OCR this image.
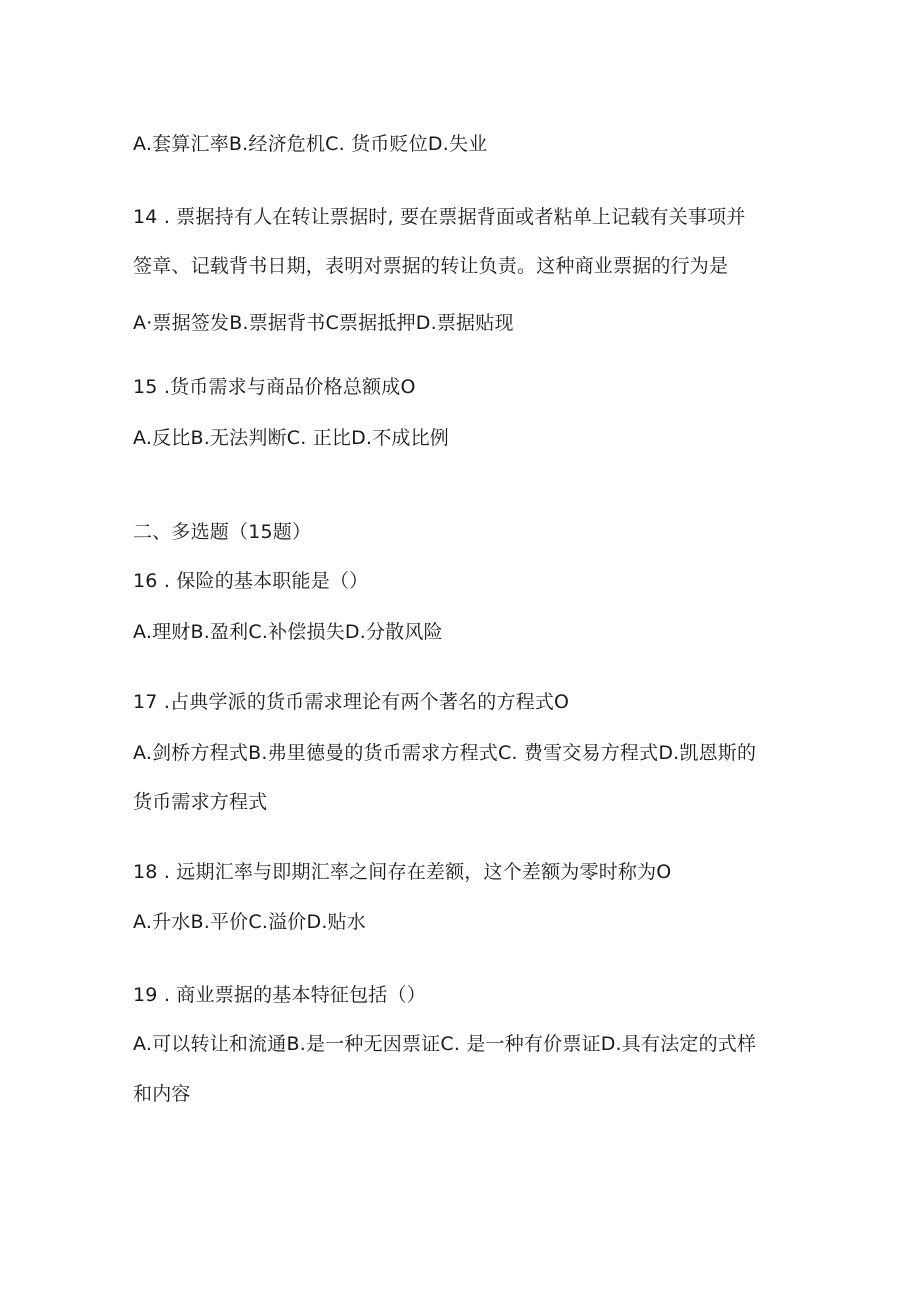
A.套算汇率B.经济危机C. 货币贬位D.失业
14 . 票据持有人在转让票据时, 要在票据背面或者粘单上记载有关事项并
签章、记载背书日期，表明对票据的转让负责。这种商业票据的行为是
A·票据签发B.票据背书C票据抵押D.票据贴现
15 .货币需求与商品价格总额成O
A.反比B.无法判断C. 正比D.不成比例
二、多选题（15题）
16 . 保险的基本职能是（）
A.理财B.盈利C.补偿损失D.分散风险
17 .占典学派的货币需求理论有两个著名的方程式O
A.剑桥方程式B.弗里德曼的货币需求方程式C. 费雪交易方程式D.凯恩斯的
货币需求方程式
18 . 远期汇率与即期汇率之间存在差额，这个差额为零时称为O
A.升水B.平价C.溢价D.贴水
19 . 商业票据的基本特征包括（）
A.可以转让和流通B.是一种无因票证C. 是一种有价票证D.具有法定的式样
和内容
